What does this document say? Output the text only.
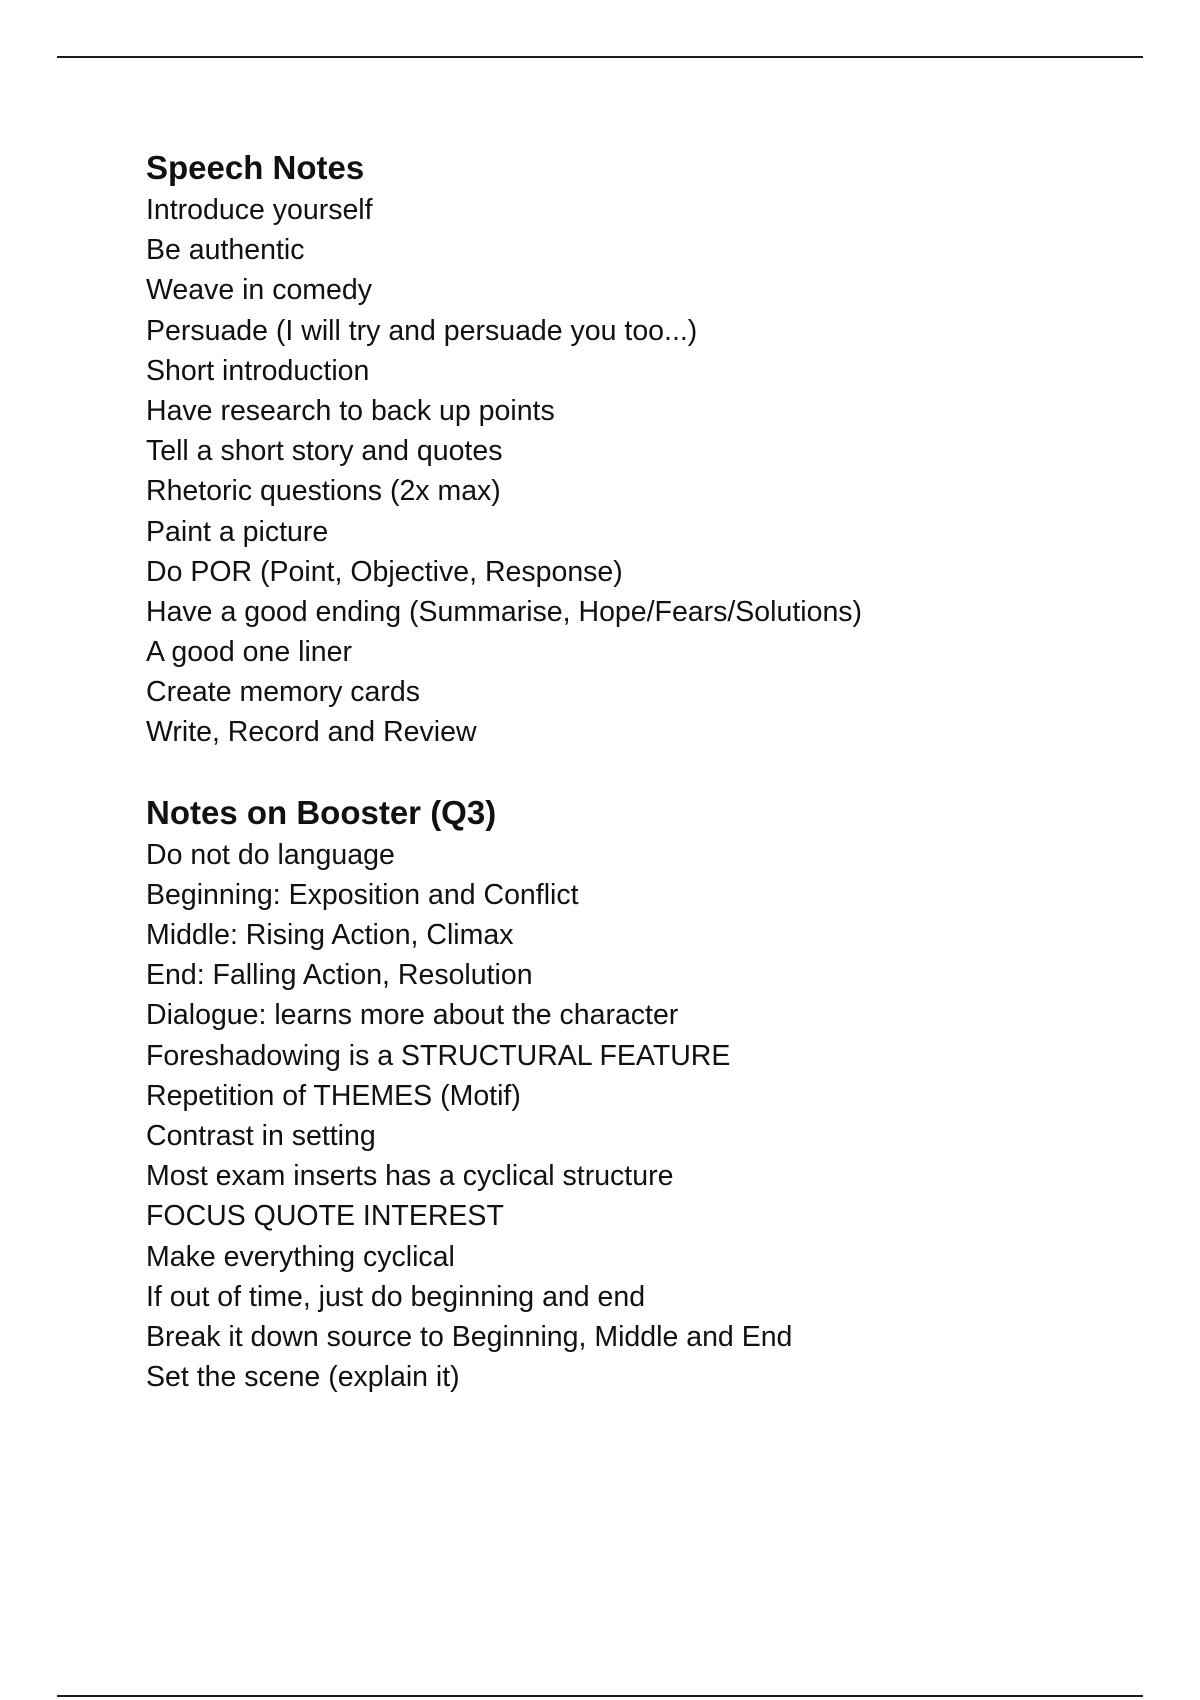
Speech Notes
Introduce yourself
Be authentic
Weave in comedy
Persuade (I will try and persuade you too...)
Short introduction
Have research to back up points
Tell a short story and quotes
Rhetoric questions (2x max)
Paint a picture
Do POR (Point, Objective, Response)
Have a good ending (Summarise, Hope/Fears/Solutions)
A good one liner
Create memory cards
Write, Record and Review
Notes on Booster (Q3)
Do not do language
Beginning: Exposition and Conflict
Middle: Rising Action, Climax
End: Falling Action, Resolution
Dialogue: learns more about the character
Foreshadowing is a STRUCTURAL FEATURE
Repetition of THEMES (Motif)
Contrast in setting
Most exam inserts has a cyclical structure
FOCUS QUOTE INTEREST
Make everything cyclical
If out of time, just do beginning and end
Break it down source to Beginning, Middle and End
Set the scene (explain it)
